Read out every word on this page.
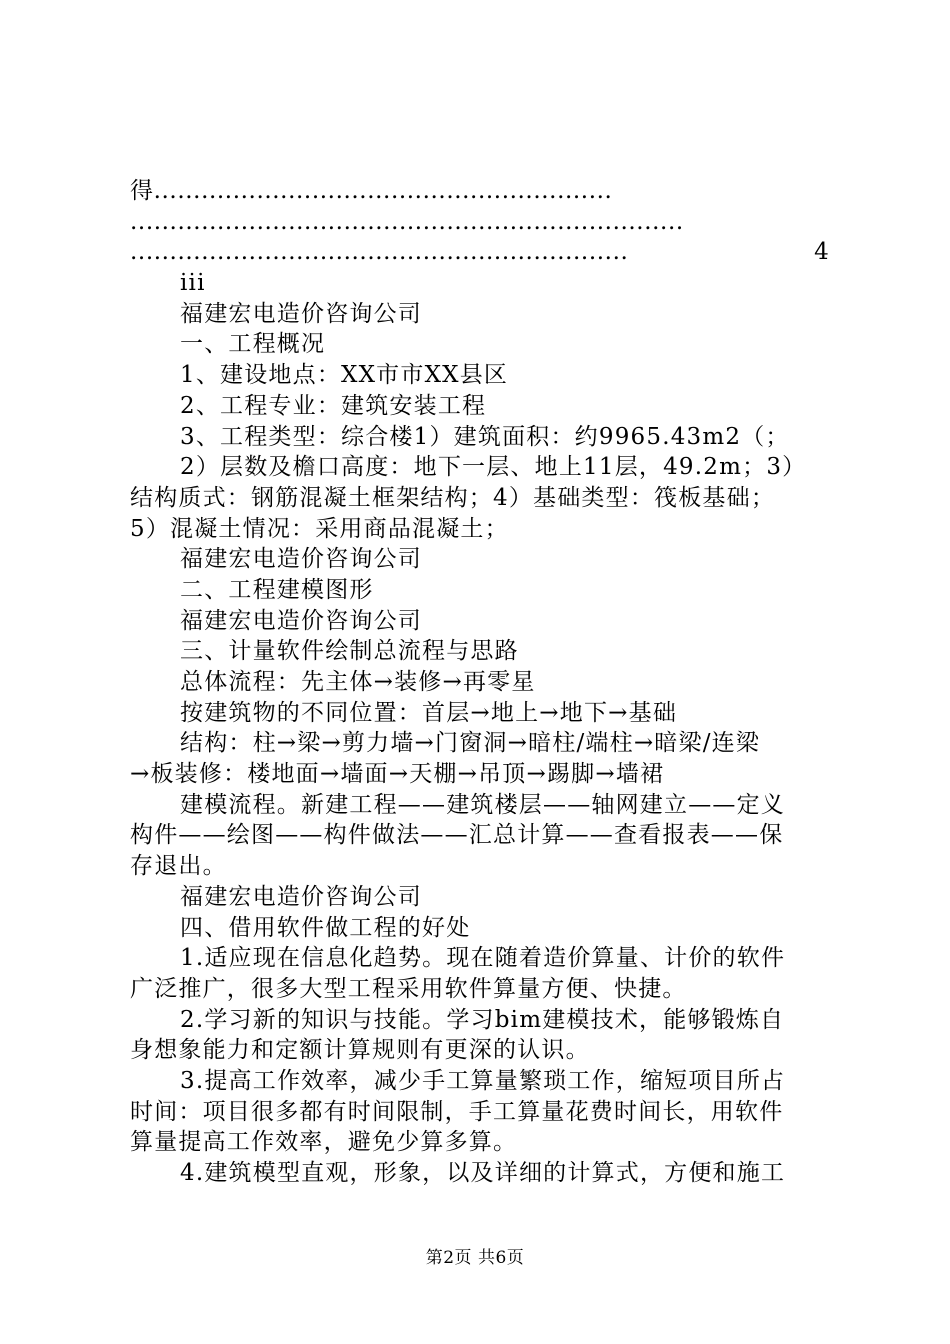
得..........................................................
......................................................................
...............................................................	4
iii
福建宏电造价咨询公司
一、工程概况
1、建设地点：XX市市XX县区
2、工程专业：建筑安装工程
3、工程类型：综合楼1）建筑面积：约9965.43m2（；
2）层数及檐口高度：地下一层、地上11层，49.2m；3）
结构质式：钢筋混凝土框架结构；4）基础类型：筏板基础；
5）混凝土情况：采用商品混凝土；
福建宏电造价咨询公司
二、工程建模图形
福建宏电造价咨询公司
三、计量软件绘制总流程与思路
总体流程：先主体→装修→再零星
按建筑物的不同位置：首层→地上→地下→基础
结构：柱→梁→剪力墙→门窗洞→暗柱/端柱→暗梁/连梁
→板装修：楼地面→墙面→天棚→吊顶→踢脚→墙裙
建模流程。新建工程——建筑楼层——轴网建立——定义
构件——绘图——构件做法——汇总计算——查看报表——保
存退出。
福建宏电造价咨询公司
四、借用软件做工程的好处
1.适应现在信息化趋势。现在随着造价算量、计价的软件
广泛推广，很多大型工程采用软件算量方便、快捷。
2.学习新的知识与技能。学习bim建模技术，能够锻炼自
身想象能力和定额计算规则有更深的认识。
3.提高工作效率，减少手工算量繁琐工作，缩短项目所占
时间：项目很多都有时间限制，手工算量花费时间长，用软件
算量提高工作效率，避免少算多算。
4.建筑模型直观，形象，以及详细的计算式，方便和施工
第2页 共6页
